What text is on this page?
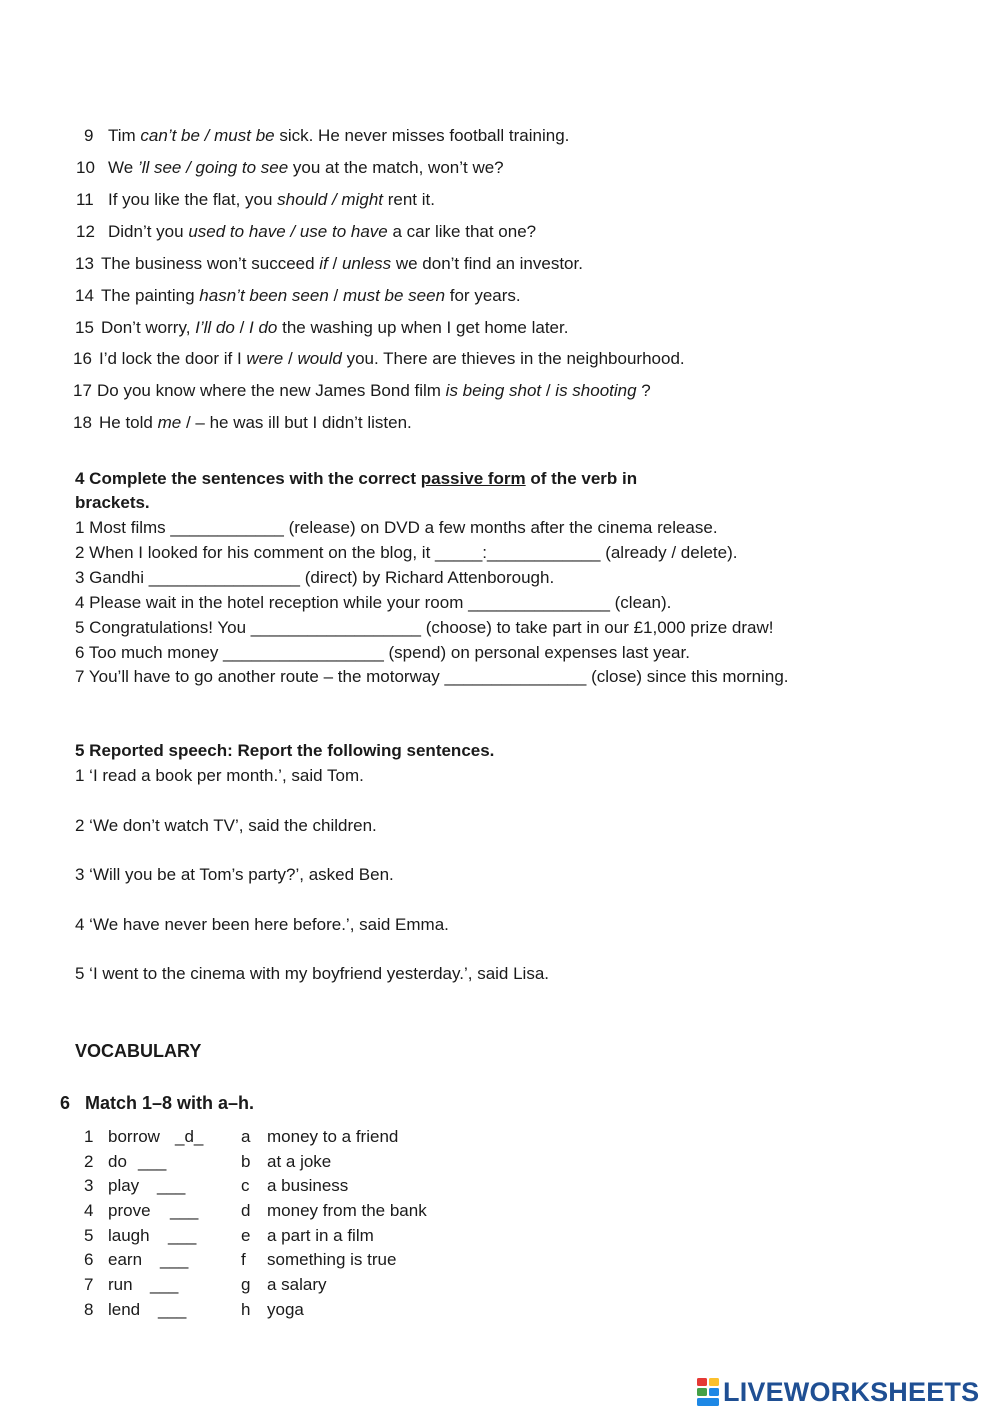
9 Tim can’t be / must be sick. He never misses football training.
10 We ’ll see / going to see you at the match, won’t we?
11 If you like the flat, you should / might rent it.
12 Didn’t you used to have / use to have a car like that one?
13 The business won’t succeed if / unless we don’t find an investor.
14 The painting hasn’t been seen / must be seen for years.
15 Don’t worry, I’ll do / I do the washing up when I get home later.
16 I’d lock the door if I were / would you. There are thieves in the neighbourhood.
17 Do you know where the new James Bond film is being shot / is shooting ?
18 He told me / – he was ill but I didn’t listen.
4 Complete the sentences with the correct passive form of the verb in
brackets.
1 Most films ____________ (release) on DVD a few months after the cinema release.
2 When I looked for his comment on the blog, it _____:____________ (already / delete).
3 Gandhi ________________ (direct) by Richard Attenborough.
4 Please wait in the hotel reception while your room _______________ (clean).
5 Congratulations! You __________________ (choose) to take part in our £1,000 prize draw!
6 Too much money _________________ (spend) on personal expenses last year.
7 You’ll have to go another route – the motorway _______________ (close) since this morning.
5 Reported speech: Report the following sentences.
1 ‘I read a book per month.’, said Tom.
2 ‘We don’t watch TV’, said the children.
3 ‘Will you be at Tom’s party?’, asked Ben.
4 ‘We have never been here before.’, said Emma.
5 ‘I went to the cinema with my boyfriend yesterday.’, said Lisa.
VOCABULARY
6 Match 1–8 with a–h.
1 borrow _d_
2 do ___
3 play ___
4 prove ___
5 laugh ___
6 earn ___
7 run ___
8 lend ___
a money to a friend
b at a joke
c a business
d money from the bank
e a part in a film
f something is true
g a salary
h yoga
LIVEWORKSHEETS
